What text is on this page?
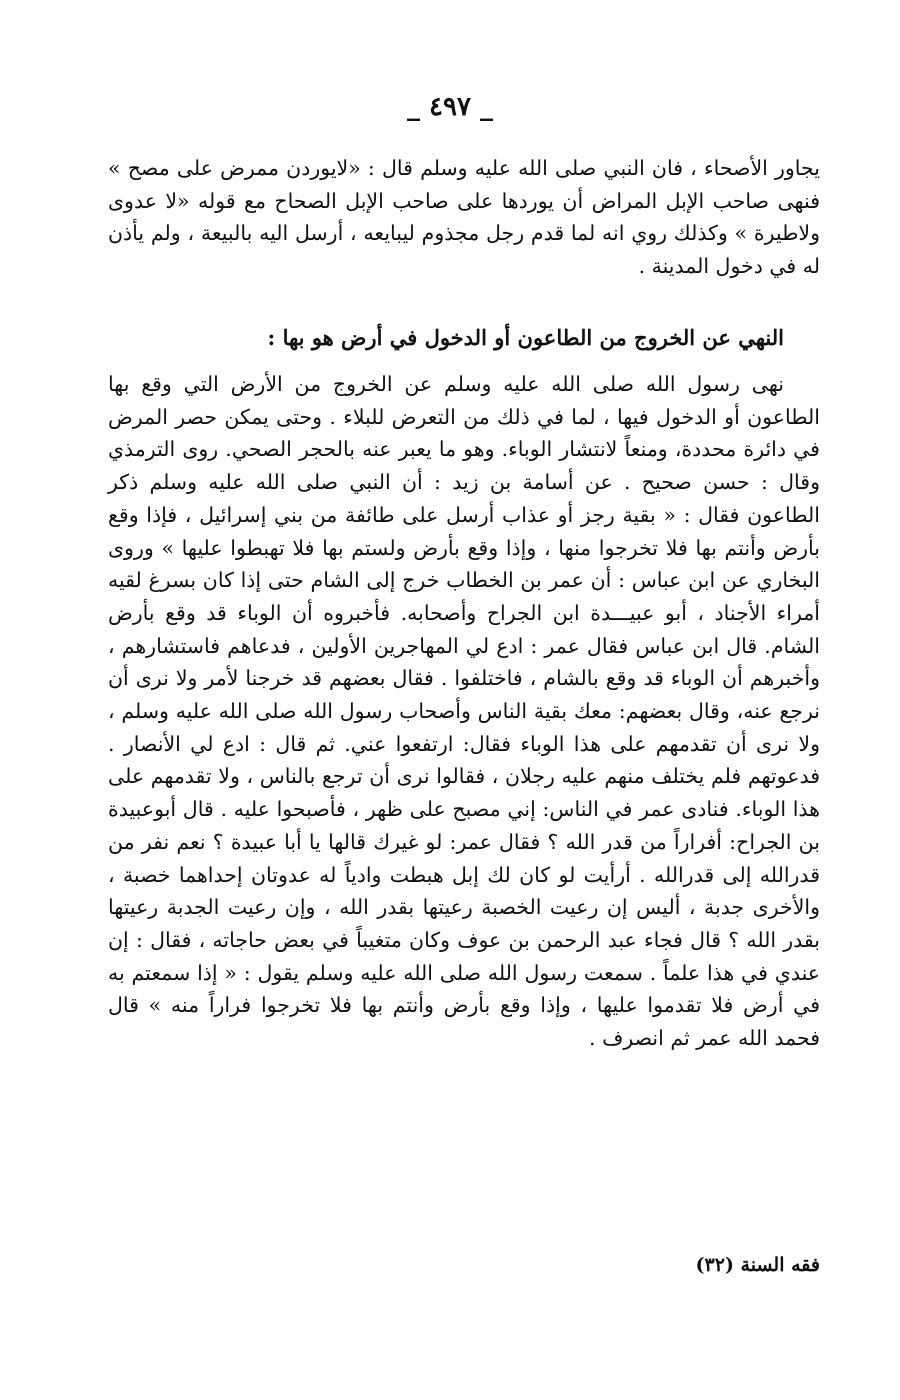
_ ٤٩٧ _

يجاور الأصحاء ، فان النبي صلى الله عليه وسلم قال : «لايوردن ممرض على مصح » فنهى صاحب الإبل المراض أن يوردها على صاحب الإبل الصحاح مع قوله «لا عدوى ولاطيرة » وكذلك روي انه لما قدم رجل مجذوم ليبايعه ، أرسل اليه بالبيعة ، ولم يأذن له في دخول المدينة .

النهي عن الخروج من الطاعون أو الدخول في أرض هو بها :

نهى رسول الله صلى الله عليه وسلم عن الخروج من الأرض التي وقع بها الطاعون أو الدخول فيها ، لما في ذلك من التعرض للبلاء . وحتى يمكن حصر المرض في دائرة محددة، ومنعاً لانتشار الوباء. وهو ما يعبر عنه بالحجر الصحي. روى الترمذي وقال : حسن صحيح . عن أسامة بن زيد : أن النبي صلى الله عليه وسلم ذكر الطاعون فقال : « بقية رجز أو عذاب أرسل على طائفة من بني إسرائيل ، فإذا وقع بأرض وأنتم بها فلا تخرجوا منها ، وإذا وقع بأرض ولستم بها فلا تهبطوا عليها » وروى البخاري عن ابن عباس : أن عمر بن الخطاب خرج إلى الشام حتى إذا كان بسرغ لقيه أمراء الأجناد ، أبو عبيـــدة ابن الجراح وأصحابه. فأخبروه أن الوباء قد وقع بأرض الشام. قال ابن عباس فقال عمر : ادع لي المهاجرين الأولين ، فدعاهم فاستشارهم ، وأخبرهم أن الوباء قد وقع بالشام ، فاختلفوا . فقال بعضهم قد خرجنا لأمر ولا نرى أن نرجع عنه، وقال بعضهم: معك بقية الناس وأصحاب رسول الله صلى الله عليه وسلم ، ولا نرى أن تقدمهم على هذا الوباء فقال: ارتفعوا عني. ثم قال : ادع لي الأنصار . فدعوتهم فلم يختلف منهم عليه رجلان ، فقالوا نرى أن ترجع بالناس ، ولا تقدمهم على هذا الوباء. فنادى عمر في الناس: إني مصبح على ظهر ، فأصبحوا عليه . قال أبوعبيدة بن الجراح: أفراراً من قدر الله ؟ فقال عمر: لو غيرك قالها يا أبا عبيدة ؟ نعم نفر من قدرالله إلى قدرالله . أرأيت لو كان لك إبل هبطت وادياً له عدوتان إحداهما خصبة ، والأخرى جدبة ، أليس إن رعيت الخصبة رعيتها بقدر الله ، وإن رعيت الجدبة رعيتها بقدر الله ؟ قال فجاء عبد الرحمن بن عوف وكان متغيباً في بعض حاجاته ، فقال : إن عندي في هذا علماً . سمعت رسول الله صلى الله عليه وسلم يقول : « إذا سمعتم به في أرض فلا تقدموا عليها ، وإذا وقع بأرض وأنتم بها فلا تخرجوا فراراً منه » قال فحمد الله عمر ثم انصرف .

فقه السنة (٣٢)
